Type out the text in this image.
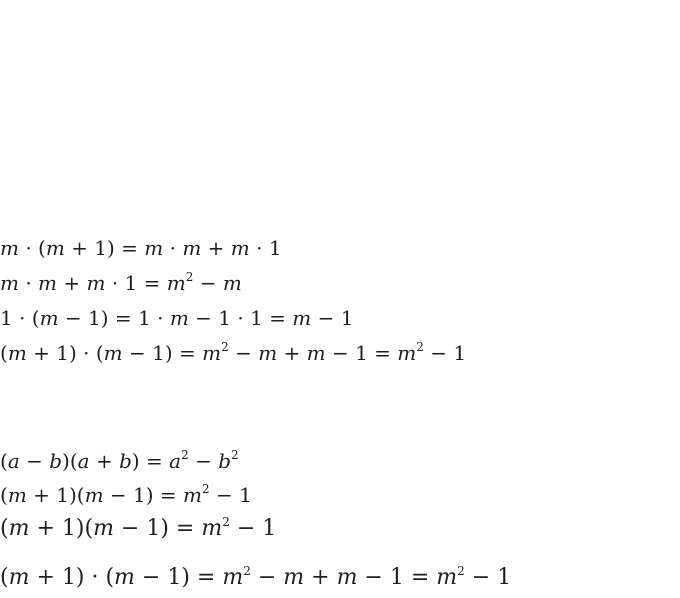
m · (m + 1) = m · m + m · 1
$m \cdot m + m \cdot 1 = m^2 - m$
1 · (m − 1) = 1 · m − 1 · 1 = m − 1
$(m + 1) \cdot (m - 1) = m^2 - m + m - 1 = m^2 - 1$
$(a - b)(a + b) = a^2 - b^2$
$(m + 1)(m - 1) = m^2 - 1$
$(m + 1)(m - 1) = m^2 - 1$
$(m + 1) \cdot (m - 1) = m^2 - m + m - 1 = m^2 - 1$
